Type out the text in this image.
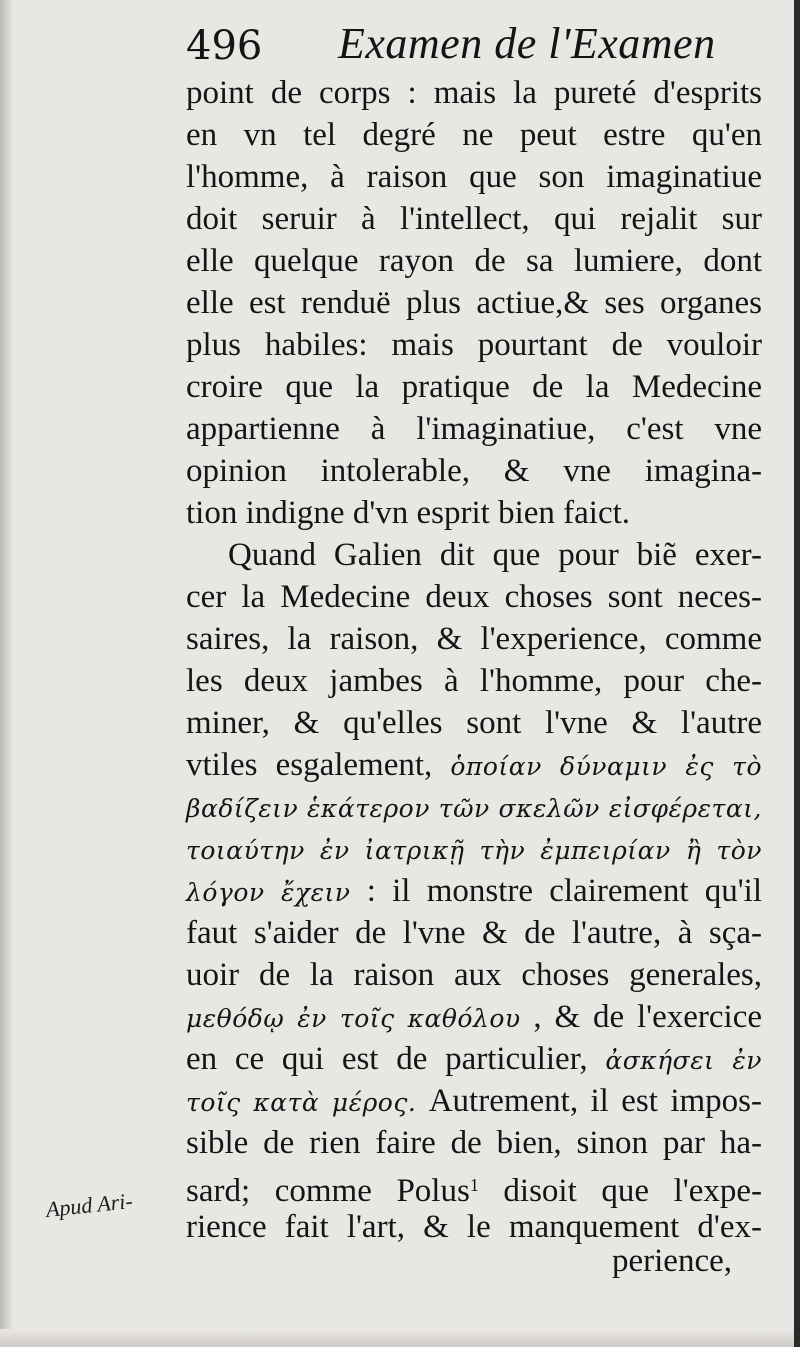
496 Examen de l'Examen
point de corps : mais la pureté d'esprits
en vn tel degré ne peut estre qu'en
l'homme, à raison que son imaginatiue
doit seruir à l'intellect, qui rejalit sur
elle quelque rayon de sa lumiere, dont
elle est renduë plus actiue,& ses organes
plus habiles: mais pourtant de vouloir
croire que la pratique de la Medecine
appartienne à l'imaginatiue, c'est vne
opinion intolerable, & vne imagina-
tion indigne d'vn esprit bien faict.
Quand Galien dit que pour biẽ exer-
cer la Medecine deux choses sont neces-
saires, la raison, & l'experience, comme
les deux jambes à l'homme, pour che-
miner, & qu'elles sont l'vne & l'autre
vtiles esgalement, ὁποίαν δύναμιν ἐς τὸ
βαδίζειν ἑκάτερον τῶν σκελῶν εἰσφέρεται,
τοιαύτην ἐν ἰατρικῇ τὴν ἐμπειρίαν ἢ τὸν
λόγον ἔχειν : il monstre clairement qu'il
faut s'aider de l'vne & de l'autre, à sça-
uoir de la raison aux choses generales,
μεθόδῳ ἐν τοῖς καθόλου , & de l'exercice
en ce qui est de particulier, ἀσκήσει ἐν
τοῖς κατὰ μέρος. Autrement, il est impos-
sible de rien faire de bien, sinon par ha-
sard; comme Polus$^1$ disoit que l'expe-
rience fait l'art, & le manquement d'ex-
perience,
Apud Ari-
